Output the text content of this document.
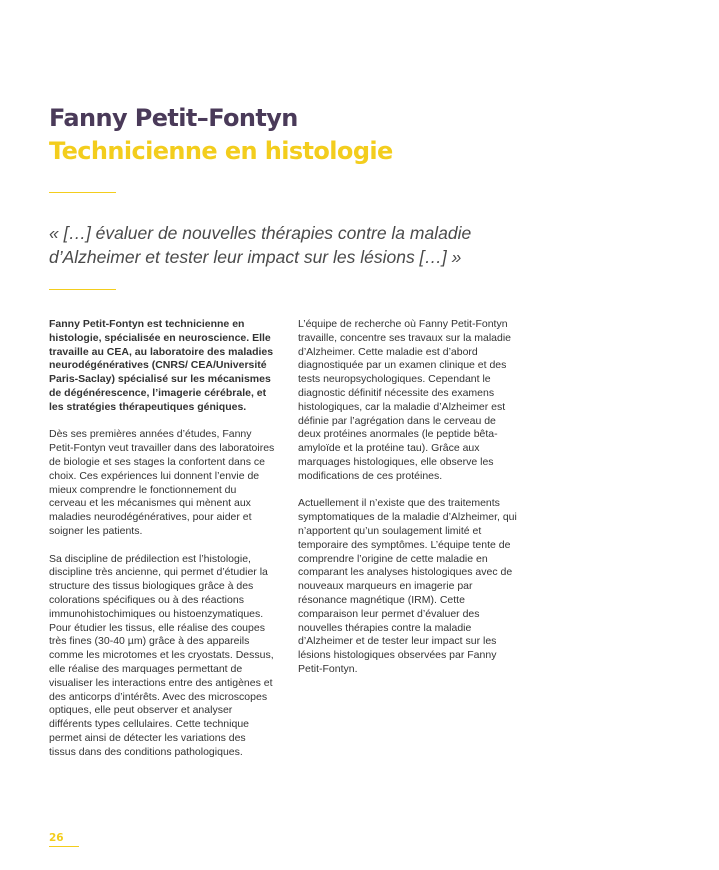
Fanny Petit–Fontyn
Technicienne en histologie

« […] évaluer de nouvelles thérapies contre la maladie d’Alzheimer et tester leur impact sur les lésions […] »

Fanny Petit-Fontyn est technicienne en histologie, spécialisée en neuroscience. Elle travaille au CEA, au laboratoire des maladies neurodégénératives (CNRS/ CEA/Université Paris-Saclay) spécialisé sur les mécanismes de dégénérescence, l’imagerie cérébrale, et les stratégies thérapeutiques géniques.

Dès ses premières années d’études, Fanny Petit-Fontyn veut travailler dans des laboratoires de biologie et ses stages la confortent dans ce choix. Ces expériences lui donnent l’envie de mieux comprendre le fonctionnement du cerveau et les mécanismes qui mènent aux maladies neurodégénératives, pour aider et soigner les patients.

Sa discipline de prédilection est l’histologie, discipline très ancienne, qui permet d’étudier la structure des tissus biologiques grâce à des colorations spécifiques ou à des réactions immunohistochimiques ou histoenzymatiques. Pour étudier les tissus, elle réalise des coupes très fines (30-40 µm) grâce à des appareils comme les microtomes et les cryostats. Dessus, elle réalise des marquages permettant de visualiser les interactions entre des antigènes et des anticorps d’intérêts. Avec des microscopes optiques, elle peut observer et analyser différents types cellulaires. Cette technique permet ainsi de détecter les variations des tissus dans des conditions pathologiques.

L’équipe de recherche où Fanny Petit-Fontyn travaille, concentre ses travaux sur la maladie d’Alzheimer. Cette maladie est d’abord diagnostiquée par un examen clinique et des tests neuropsychologiques. Cependant le diagnostic définitif nécessite des examens histologiques, car la maladie d’Alzheimer est définie par l’agrégation dans le cerveau de deux protéines anormales (le peptide bêta-amyloïde et la protéine tau). Grâce aux marquages histologiques, elle observe les modifications de ces protéines.

Actuellement il n’existe que des traitements symptomatiques de la maladie d’Alzheimer, qui n’apportent qu’un soulagement limité et temporaire des symptômes. L’équipe tente de comprendre l’origine de cette maladie en comparant les analyses histologiques avec de nouveaux marqueurs en imagerie par résonance magnétique (IRM). Cette comparaison leur permet d’évaluer des nouvelles thérapies contre la maladie d’Alzheimer et de tester leur impact sur les lésions histologiques observées par Fanny Petit-Fontyn.

26
